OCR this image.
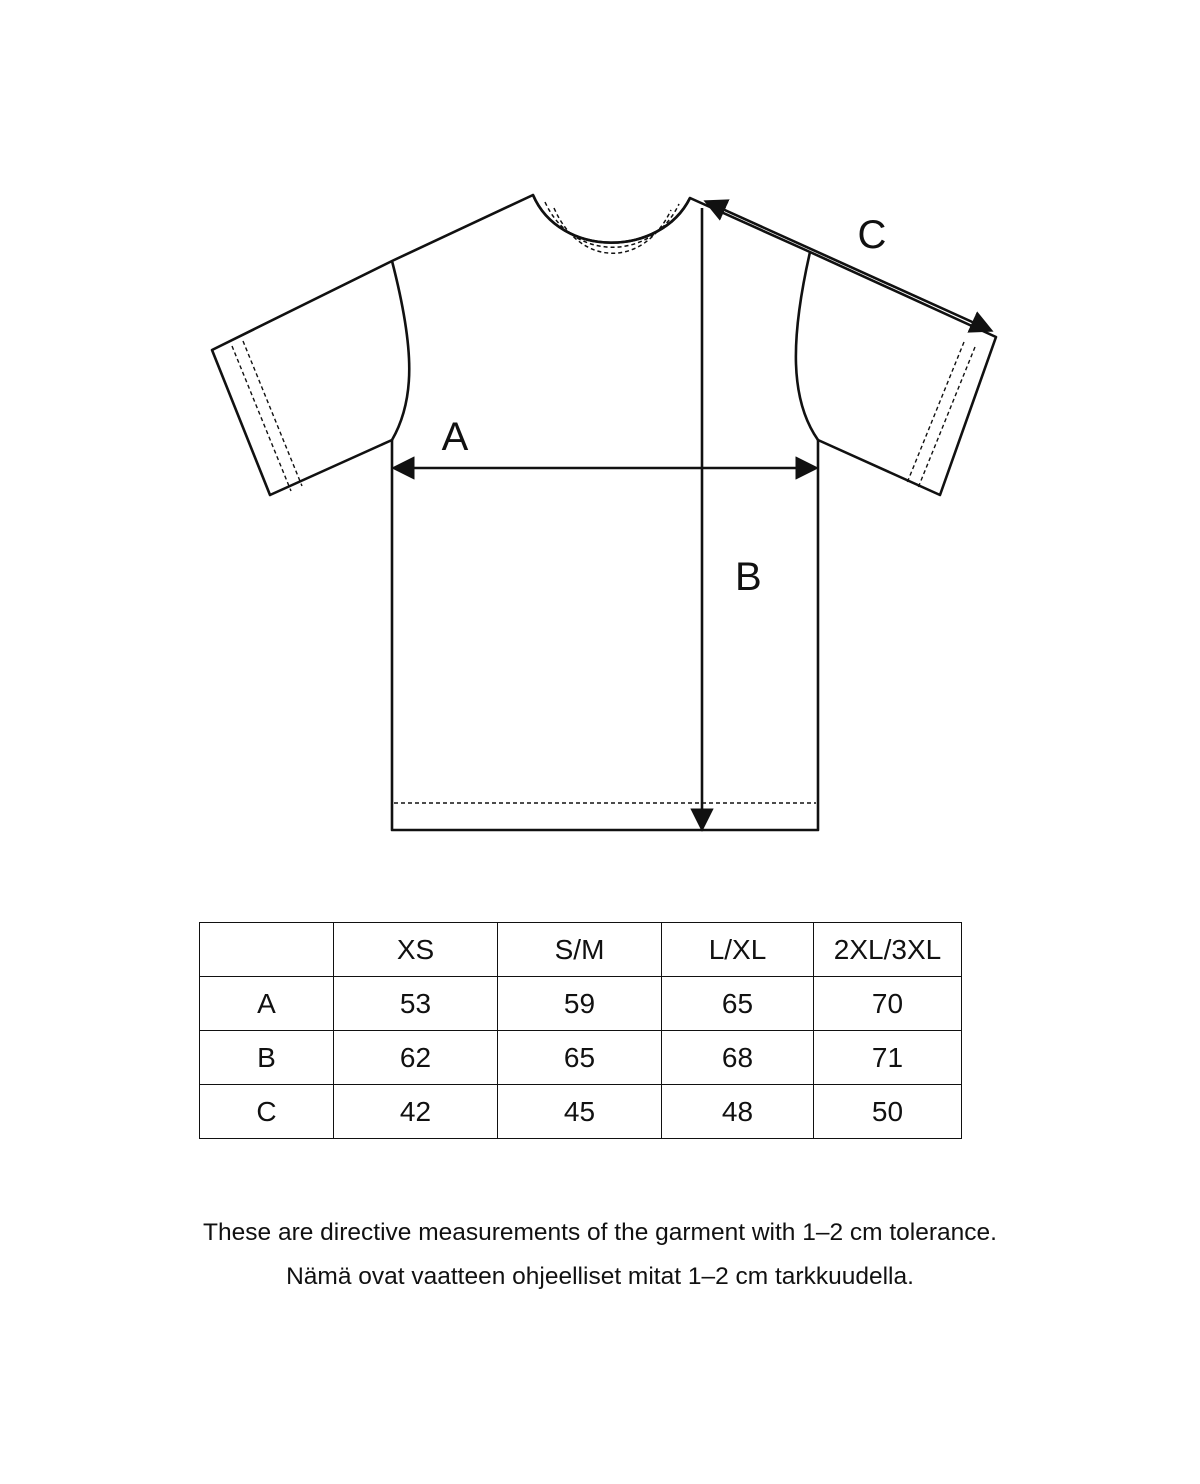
A
B
C
	XS	S/M	L/XL	2XL/3XL
A	53	59	65	70
B	62	65	68	71
C	42	45	48	50

These are directive measurements of the garment with 1–2 cm tolerance.

Nämä ovat vaatteen ohjeelliset mitat 1–2 cm tarkkuudella.
